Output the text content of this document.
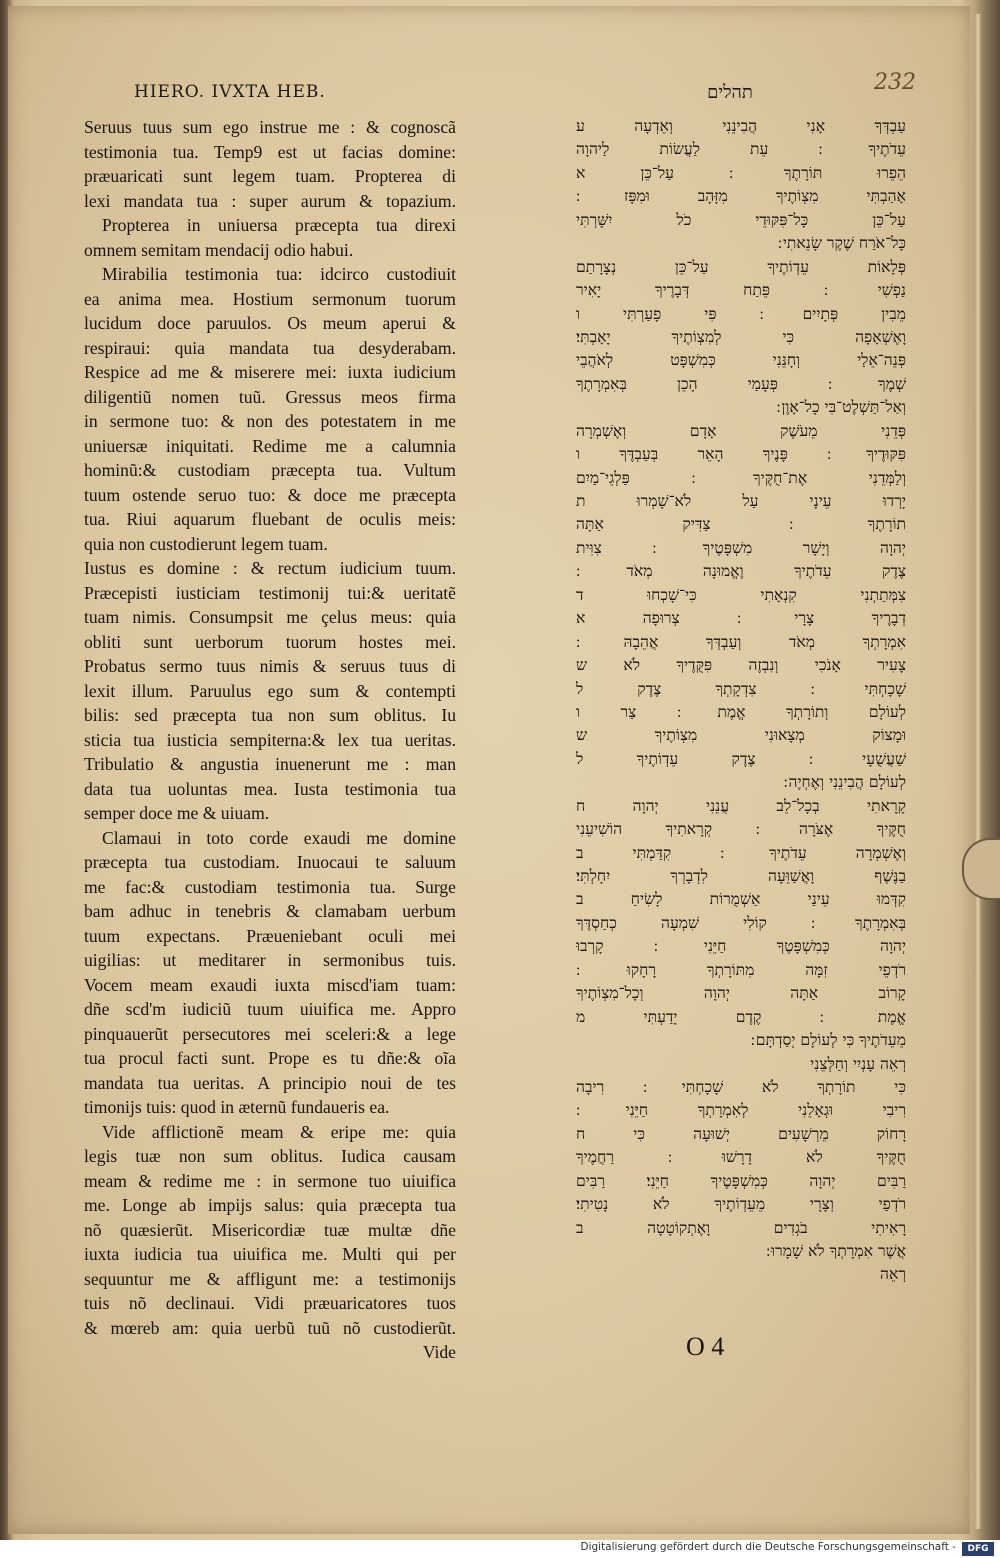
HIERO. IVXTA HEB.	תהלים	232
Seruus tuus sum ego instrue me : & cognoscã
testimonia tua. Temp9 est ut facias domine:
præuaricati sunt legem tuam. Propterea di
lexi mandata tua : super aurum & topazium.
Propterea in uniuersa præcepta tua direxi
omnem semitam mendacij odio habui.
Mirabilia testimonia tua: idcirco custodiuit
ea anima mea. Hostium sermonum tuorum
lucidum doce paruulos. Os meum aperui &
respiraui: quia mandata tua desyderabam.
Respice ad me & miserere mei: iuxta iudicium
diligentiũ nomen tuũ. Gressus meos firma
in sermone tuo: & non des potestatem in me
uniuersæ iniquitati. Redime me a calumnia
hominũ:& custodiam præcepta tua. Vultum
tuum ostende seruo tuo: & doce me præcepta
tua. Riui aquarum fluebant de oculis meis:
quia non custodierunt legem tuam.
Iustus es domine : & rectum iudicium tuum.
Præcepisti iusticiam testimonij tui:& ueritatẽ
tuam nimis. Consumpsit me çelus meus: quia
obliti sunt uerborum tuorum hostes mei.
Probatus sermo tuus nimis & seruus tuus di
lexit illum. Paruulus ego sum & contempti
bilis: sed præcepta tua non sum oblitus. Iu
sticia tua iusticia sempiterna:& lex tua ueritas.
Tribulatio & angustia inuenerunt me : man
data tua uoluntas mea. Iusta testimonia tua
semper doce me & uiuam.
Clamaui in toto corde exaudi me domine
præcepta tua custodiam. Inuocaui te saluum
me fac:& custodiam testimonia tua. Surge
bam adhuc in tenebris & clamabam uerbum
tuum expectans. Præueniebant oculi mei
uigilias: ut meditarer in sermonibus tuis.
Vocem meam exaudi iuxta miscd'iam tuam:
dñe scd'm iudiciũ tuum uiuifica me. Appro
pinquauerũt persecutores mei sceleri:& a lege
tua procul facti sunt. Prope es tu dñe:& oĩa
mandata tua ueritas. A principio noui de tes
timonijs tuis: quod in æternũ fundaueris ea.
Vide afflictionẽ meam & eripe me: quia
legis tuæ non sum oblitus. Iudica causam
meam & redime me : in sermone tuo uiuifica
me. Longe ab impijs salus: quia præcepta tua
nõ quæsierũt. Misericordiæ tuæ multæ dñe
iuxta iudicia tua uiuifica me. Multi qui per
sequuntur me & affligunt me: a testimonijs
tuis nõ declinaui. Vidi præuaricatores tuos
& mœreb am: quia uerbũ tuũ nõ custodierũt.
Vide
עַבְדְּךָ אָנִי הֲבִינֵנִי וְאֵדְעָה ע
עֵדֹתֶיךָ ׃ עֵת לַעֲשׂוֹת לַיהוָה
הֵפֵרוּ תּוֹרָתֶךָ ׃ עַל־כֵּן א
אָהַבְתִּי מִצְוֹתֶיךָ מִזָּהָב וּמִפָּז ׃
עַל־כֵּן כָּל־פִּקּוּדֵי כֹל יִשָּׁרְתִּי
כָּל־אֹרַח שֶׁקֶר שָׂנֵאתִי ׃
פְּלָאוֹת עֵדְוֹתֶיךָ עַל־כֵּן נְצָרָתַם
נַפְשִׁי ׃ פֵּתַח דְּבָרֶיךָ יָאִיר
מֵבִין פְּתָיִים ׃ פִּי פָעַרְתִּי ו
וָאֶשְׁאָפָה כִּי לְמִצְוֹתֶיךָ יָאָבְתִּי׃
פְּנֵה־אֵלַי וְחָנֵּנִי כְּמִשְׁפָּט לְאֹהֲבֵי
שְׁמֶךָ ׃ פְּעָמַי הָכֵן בְּאִמְרָתֶךָ
וְאַל־תַּשְׁלֶט־בִּי כָל־אָוֶן ׃
פְּדֵנִי מֵעֹשֶׁק אָדָם וְאֶשְׁמְרָה
פִּקּוּדֶיךָ ׃ פָּנֶיךָ הָאֵר בְּעַבְדֶּךָ ו
וְלַמְּדֵנִי אֶת־חֻקֶּיךָ ׃ פַּלְגֵי־מַיִם
יָרְדוּ עֵינָי עַל לֹא־שָׁמְרוּ ת
תוֹרָתֶךָ ׃ צַדִּיק אַתָּה
יְהוָה וְיָשָׁר מִשְׁפָּטֶיךָ ׃ צִוִּית
צֶדֶק עֵדֹתֶיךָ וֶאֱמוּנָה מְאֹד ׃
צִמְּתַתְנִי קִנְאָתִי כִּי־שָׁכְחוּ ד
דְבָרֶיךָ צָרָי ׃ צְרוּפָה א
אִמְרָתְךָ מְאֹד וְעַבְדְּךָ אֲהֵבָהּ ׃
צָעִיר אָנֹכִי וְנִבְזֶה פִּקֻּדֶיךָ לֹא ש
שָׁכָחְתִּי ׃ צִדְקָתְךָ צֶדֶק ל
לְעוֹלָם וְתוֹרָתְךָ אֱמֶת ׃ צַר ו
וּמָצוֹק מְצָאוּנִי מִצְוֹתֶיךָ ש
שַׁעֲשֻׁעָי ׃ צֶדֶק עֵדְוֹתֶיךָ ל
לְעוֹלָם הֲבִינֵנִי וְאֶחְיֶה ׃
קָרָאתִי בְכָל־לֵב עֲנֵנִי יְהוָה ח
חֻקֶּיךָ אֶצֹּרָה ׃ קְרָאתִיךָ הוֹשִׁיעֵנִי
וְאֶשְׁמְרָה עֵדֹתֶיךָ ׃ קִדַּמְתִּי ב
בַנֶּשֶׁף וָאֲשַׁוֵּעָה לִדְבָרְךָ יִחָלְתִּי׃
קִדְּמוּ עֵינַי אַשְׁמֻרוֹת לָשִׂיחַ ב
בְּאִמְרָתֶךָ ׃ קוֹלִי שִׁמְעָה כְחַסְדֶּךָ
יְהוָה כְּמִשְׁפָּטֶךָ חַיֵּנִי ׃ קָרְבוּ
רֹדְפֵי זִמָּה מִתּוֹרָתְךָ רָחָקוּ ׃
קָרוֹב אַתָּה יְהוָה וְכָל־מִצְוֹתֶיךָ
אֱמֶת ׃ קֶדֶם יָדַעְתִּי מ
מֵעֵדֹתֶיךָ כִּי לְעוֹלָם יְסַדְתָּם ׃
רְאֵה עָנְיִי וְחַלְּצֵנִי
כִּי תוֹרָתְךָ לֹא שָׁכָחְתִּי ׃ רִיבָה
רִיבִי וּגְאָלֵנִי לְאִמְרָתְךָ חַיֵּנִי ׃
רָחוֹק מֵרְשָׁעִים יְשׁוּעָה כִּי ח
חֻקֶּיךָ לֹא דָרָשׁוּ ׃ רַחֲמֶיךָ
רַבִּים יְהוָה כְּמִשְׁפָּטֶיךָ חַיֵּנִי׃ רַבִּים
רֹדְפַי וְצָרָי מֵעֵדְוֹתֶיךָ לֹא נָטִיתִי׃
רָאִיתִי בֹגְדִים וָאֶתְקוֹטָטָה ב
אֲשֶׁר אִמְרָתְךָ לֹא שָׁמָרוּ ׃
רְאֵה
O 4
Digitalisierung gefördert durch die Deutsche Forschungsgemeinschaft -	DFG
